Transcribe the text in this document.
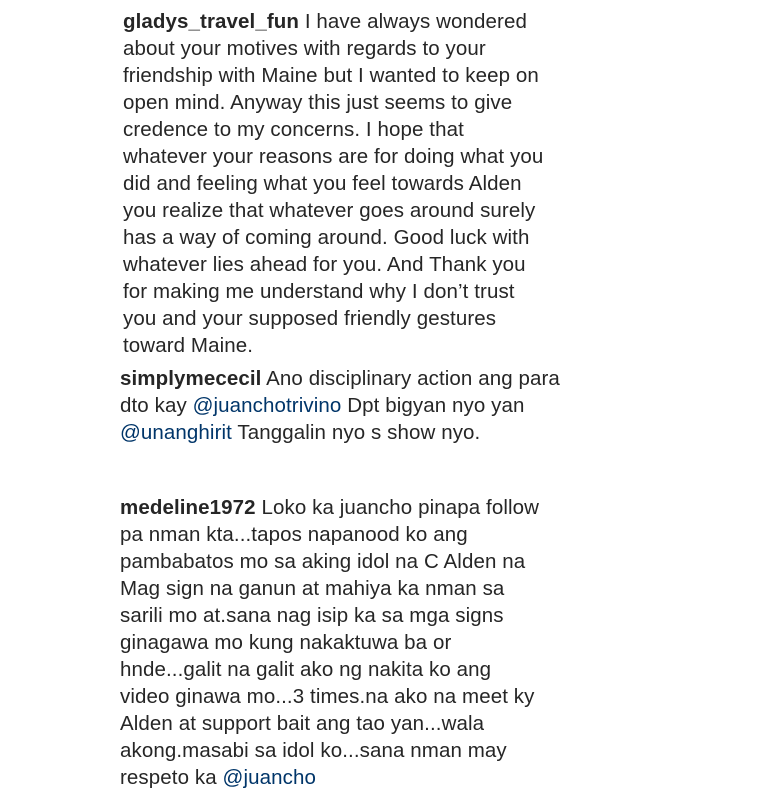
gladys_travel_fun I have always wondered about your motives with regards to your friendship with Maine but I wanted to keep on open mind. Anyway this just seems to give credence to my concerns. I hope that whatever your reasons are for doing what you did and feeling what you feel towards Alden you realize that whatever goes around surely has a way of coming around. Good luck with whatever lies ahead for you. And Thank you for making me understand why I don’t trust you and your supposed friendly gestures toward Maine.
simplymececil Ano disciplinary action ang para dto kay @juanchotrivino Dpt bigyan nyo yan @unanghirit Tanggalin nyo s show nyo.
medeline1972 Loko ka juancho pinapa follow pa nman kta...tapos napanood ko ang pambabatos mo sa aking idol na C Alden na Mag sign na ganun at mahiya ka nman sa sarili mo at.sana nag isip ka sa mga signs ginagawa mo kung nakaktuwa ba or hnde...galit na galit ako ng nakita ko ang video ginawa mo...3 times.na ako na meet ky Alden at support bait ang tao yan...wala akong.masabi sa idol ko...sana nman may respeto ka @juancho
